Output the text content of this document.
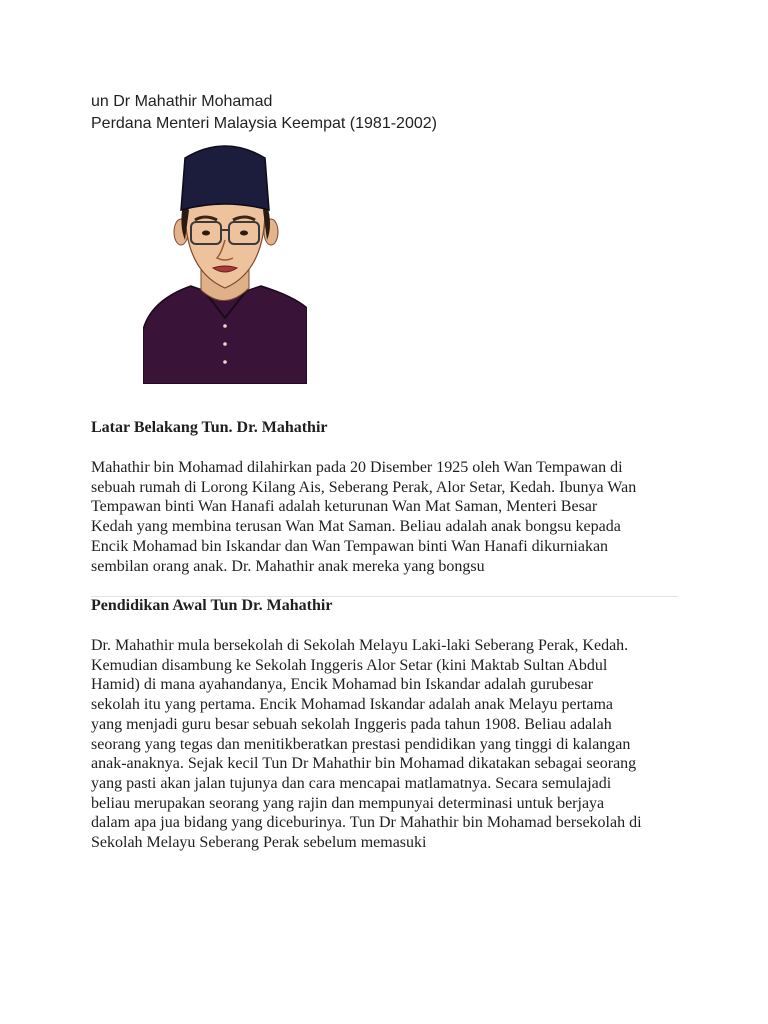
un Dr Mahathir Mohamad
Perdana Menteri Malaysia Keempat (1981-2002)
Latar Belakang Tun. Dr. Mahathir
Mahathir bin Mohamad dilahirkan pada 20 Disember 1925 oleh Wan Tempawan di
sebuah rumah di Lorong Kilang Ais, Seberang Perak, Alor Setar, Kedah. Ibunya Wan
Tempawan binti Wan Hanafi adalah keturunan Wan Mat Saman, Menteri Besar
Kedah yang membina terusan Wan Mat Saman. Beliau adalah anak bongsu kepada
Encik Mohamad bin Iskandar dan Wan Tempawan binti Wan Hanafi dikurniakan
sembilan orang anak. Dr. Mahathir anak mereka yang bongsu
Pendidikan Awal Tun Dr. Mahathir
Dr. Mahathir mula bersekolah di Sekolah Melayu Laki-laki Seberang Perak, Kedah.
Kemudian disambung ke Sekolah Inggeris Alor Setar (kini Maktab Sultan Abdul
Hamid) di mana ayahandanya, Encik Mohamad bin Iskandar adalah gurubesar
sekolah itu yang pertama. Encik Mohamad Iskandar adalah anak Melayu pertama
yang menjadi guru besar sebuah sekolah Inggeris pada tahun 1908. Beliau adalah
seorang yang tegas dan menitikberatkan prestasi pendidikan yang tinggi di kalangan
anak-anaknya. Sejak kecil Tun Dr Mahathir bin Mohamad dikatakan sebagai seorang
yang pasti akan jalan tujunya dan cara mencapai matlamatnya. Secara semulajadi
beliau merupakan seorang yang rajin dan mempunyai determinasi untuk berjaya
dalam apa jua bidang yang diceburinya. Tun Dr Mahathir bin Mohamad bersekolah di
Sekolah Melayu Seberang Perak sebelum memasuki
